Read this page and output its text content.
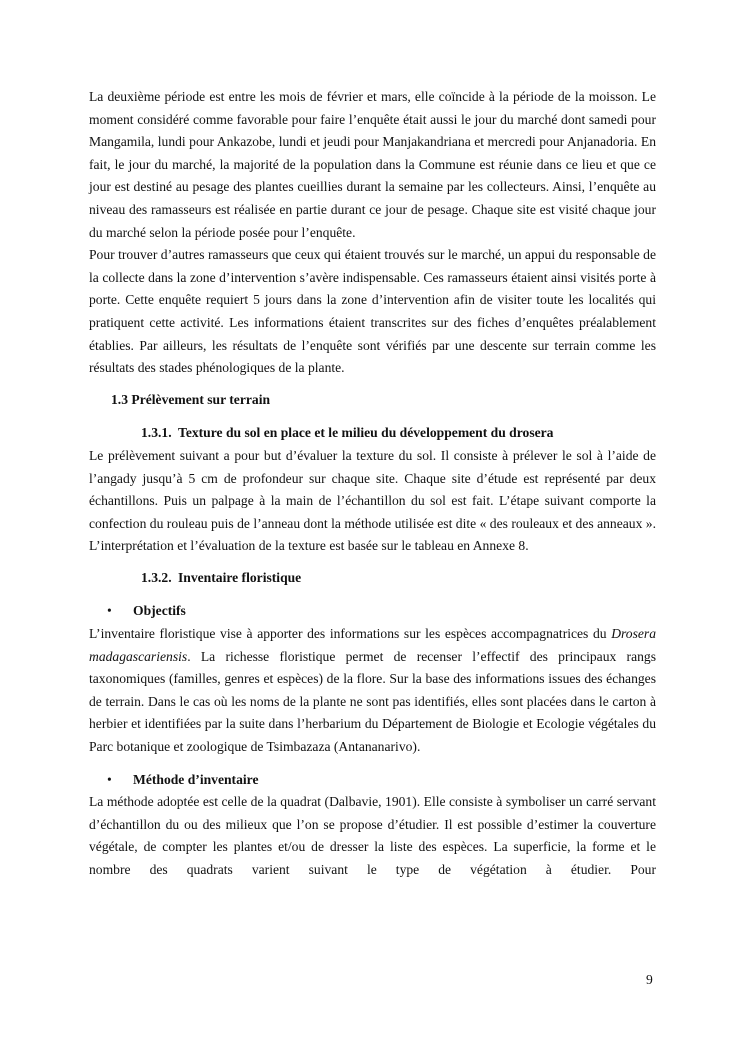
La deuxième période est entre les mois de février et mars, elle coïncide à la période de la moisson. Le moment considéré comme favorable pour faire l’enquête était aussi le jour du marché dont samedi pour Mangamila, lundi pour Ankazobe, lundi et jeudi pour Manjakandriana et mercredi pour Anjanadoria. En fait, le jour du marché, la majorité de la population dans la Commune est réunie dans ce lieu et que ce jour est destiné au pesage des plantes cueillies durant la semaine par les collecteurs. Ainsi, l’enquête au niveau des ramasseurs est réalisée en partie durant ce jour de pesage. Chaque site est visité chaque jour du marché selon la période posée pour l’enquête.

Pour trouver d’autres ramasseurs que ceux qui étaient trouvés sur le marché, un appui du responsable de la collecte dans la zone d’intervention s’avère indispensable. Ces ramasseurs étaient ainsi visités porte à porte. Cette enquête requiert 5 jours dans la zone d’intervention afin de visiter toute les localités qui pratiquent cette activité. Les informations étaient transcrites sur des fiches d’enquêtes préalablement établies. Par ailleurs, les résultats de l’enquête sont vérifiés par une descente sur terrain comme les résultats des stades phénologiques de la plante.

1.3 Prélèvement sur terrain
1.3.1. Texture du sol en place et le milieu du développement du drosera

Le prélèvement suivant a pour but d’évaluer la texture du sol. Il consiste à prélever le sol à l’aide de l’angady jusqu’à 5 cm de profondeur sur chaque site. Chaque site d’étude est représenté par deux échantillons. Puis un palpage à la main de l’échantillon du sol est fait. L’étape suivant comporte la confection du rouleau puis de l’anneau dont la méthode utilisée est dite « des rouleaux et des anneaux ». L’interprétation et l’évaluation de la texture est basée sur le tableau en Annexe 8.

1.3.2. Inventaire floristique
•	Objectifs

L’inventaire floristique vise à apporter des informations sur les espèces accompagnatrices du Drosera madagascariensis. La richesse floristique permet de recenser l’effectif des principaux rangs taxonomiques (familles, genres et espèces) de la flore. Sur la base des informations issues des échanges de terrain. Dans le cas où les noms de la plante ne sont pas identifiés, elles sont placées dans le carton à herbier et identifiées par la suite dans l’herbarium du Département de Biologie et Ecologie végétales du Parc botanique et zoologique de Tsimbazaza (Antananarivo).

•	Méthode d’inventaire

La méthode adoptée est celle de la quadrat (Dalbavie, 1901). Elle consiste à symboliser un carré servant d’échantillon du ou des milieux que l’on se propose d’étudier. Il est possible d’estimer la couverture végétale, de compter les plantes et/ou de dresser la liste des espèces. La superficie, la forme et le nombre des quadrats varient suivant le type de végétation à étudier. Pour

9
